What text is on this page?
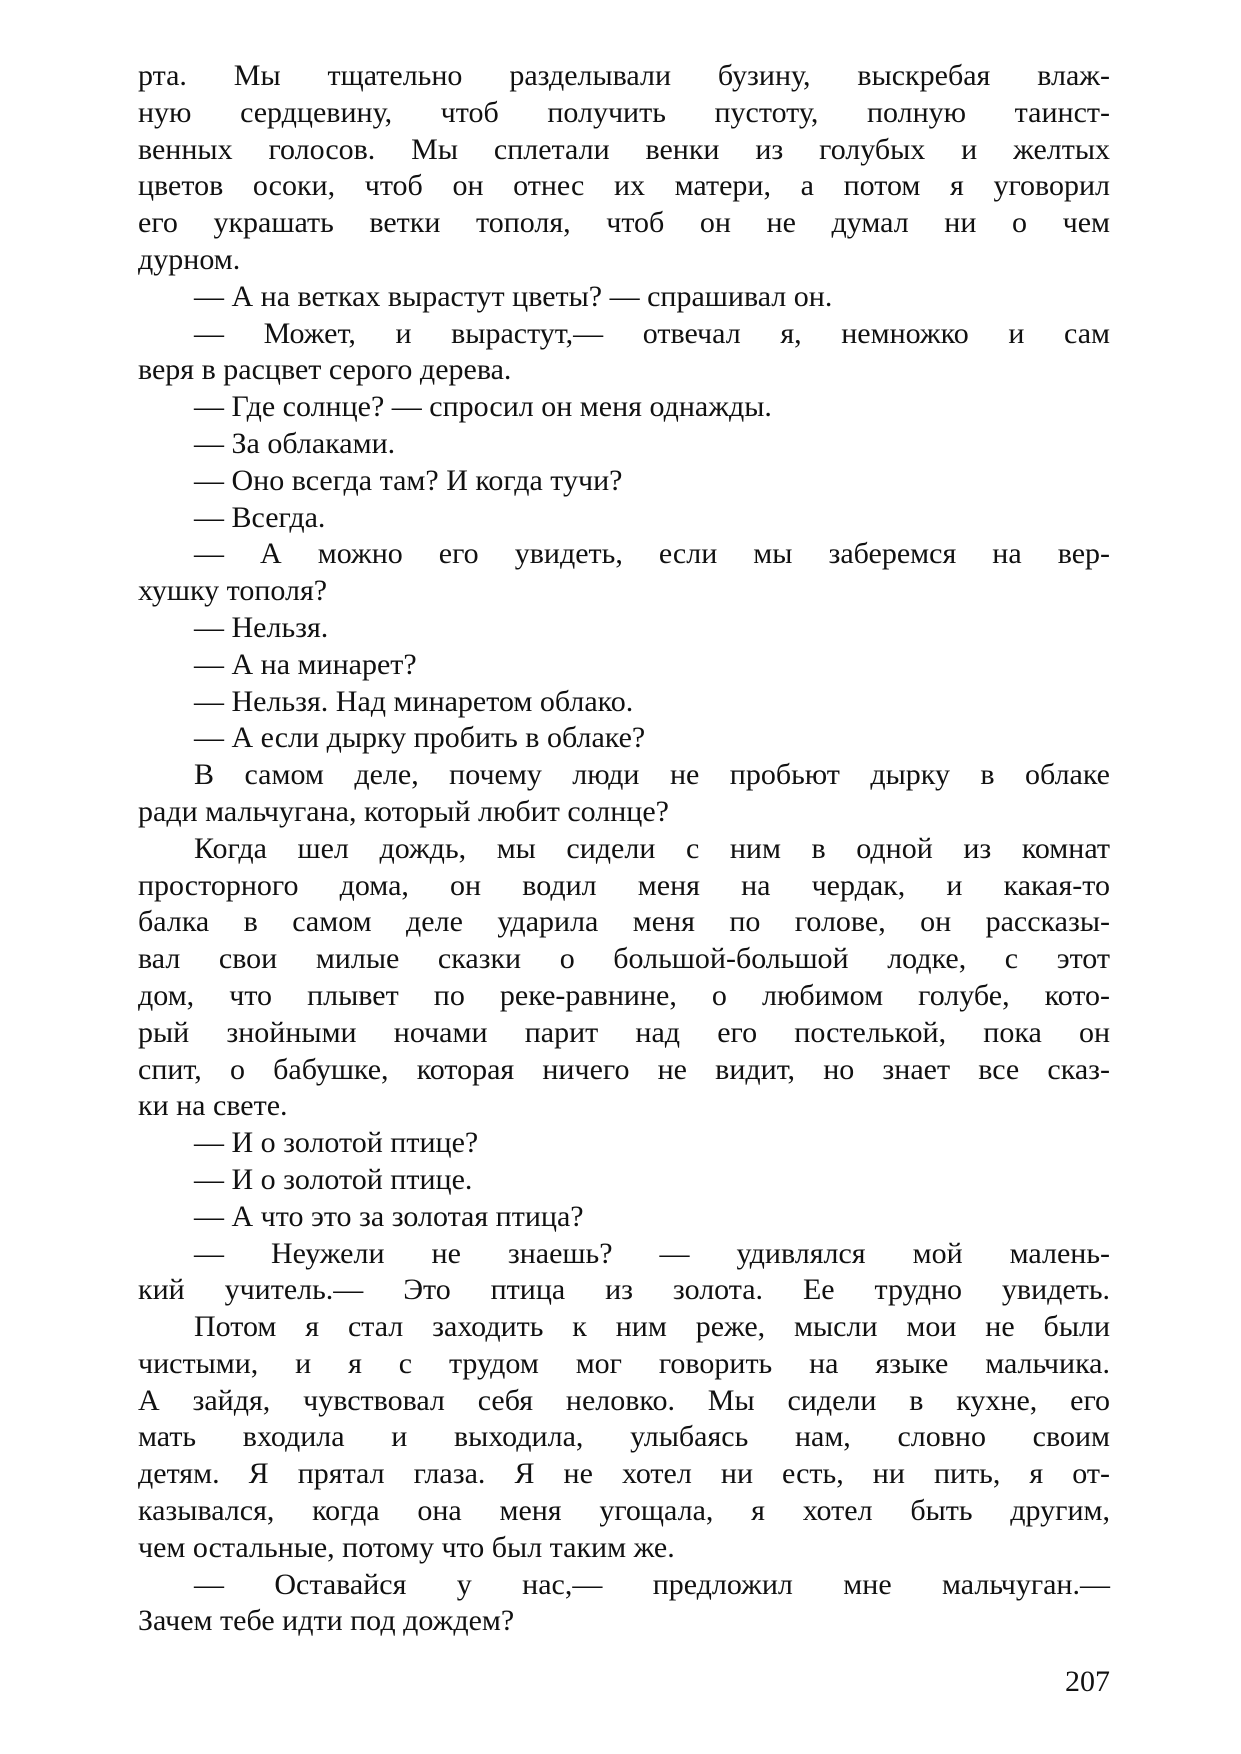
рта. Мы тщательно разделывали бузину, выскребая влаж-
ную сердцевину, чтоб получить пустоту, полную таинст-
венных голосов. Мы сплетали венки из голубых и желтых
цветов осоки, чтоб он отнес их матери, а потом я уговорил
его украшать ветки тополя, чтоб он не думал ни о чем
дурном.
— А на ветках вырастут цветы? — спрашивал он.
— Может, и вырастут,— отвечал я, немножко и сам
веря в расцвет серого дерева.
— Где солнце? — спросил он меня однажды.
— За облаками.
— Оно всегда там? И когда тучи?
— Всегда.
— А можно его увидеть, если мы заберемся на вер-
хушку тополя?
— Нельзя.
— А на минарет?
— Нельзя. Над минаретом облако.
— А если дырку пробить в облаке?
В самом деле, почему люди не пробьют дырку в облаке
ради мальчугана, который любит солнце?
Когда шел дождь, мы сидели с ним в одной из комнат
просторного дома, он водил меня на чердак, и какая-то
балка в самом деле ударила меня по голове, он рассказы-
вал свои милые сказки о большой-большой лодке, с этот
дом, что плывет по реке-равнине, о любимом голубе, кото-
рый знойными ночами парит над его постелькой, пока он
спит, о бабушке, которая ничего не видит, но знает все сказ-
ки на свете.
— И о золотой птице?
— И о золотой птице.
— А что это за золотая птица?
— Неужели не знаешь? — удивлялся мой малень-
кий учитель.— Это птица из золота. Ее трудно увидеть.
Потом я стал заходить к ним реже, мысли мои не были
чистыми, и я с трудом мог говорить на языке мальчика.
А зайдя, чувствовал себя неловко. Мы сидели в кухне, его
мать входила и выходила, улыбаясь нам, словно своим
детям. Я прятал глаза. Я не хотел ни есть, ни пить, я от-
казывался, когда она меня угощала, я хотел быть другим,
чем остальные, потому что был таким же.
— Оставайся у нас,— предложил мне мальчуган.—
Зачем тебе идти под дождем?
207
